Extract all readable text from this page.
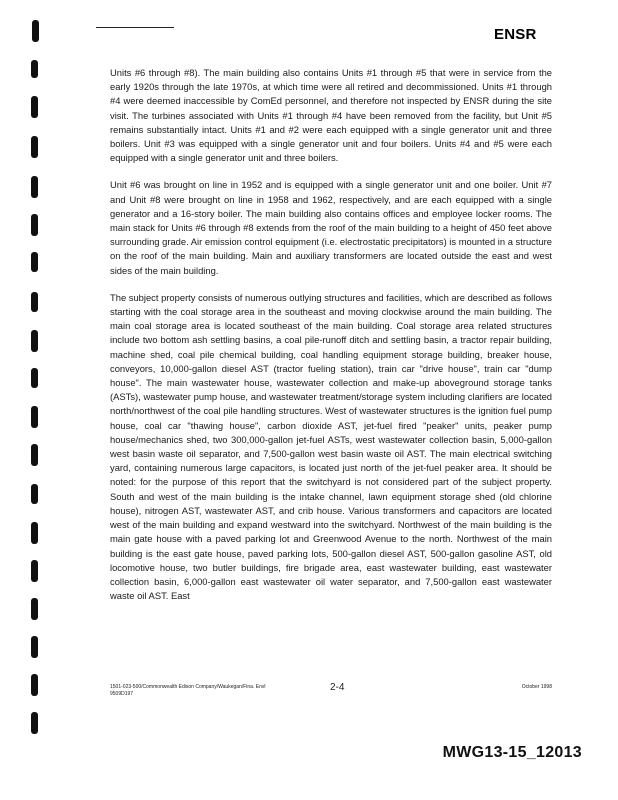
ENSR

Units #6 through #8). The main building also contains Units #1 through #5 that were in service from the early 1920s through the late 1970s, at which time were all retired and decommissioned. Units #1 through #4 were deemed inaccessible by ComEd personnel, and therefore not inspected by ENSR during the site visit. The turbines associated with Units #1 through #4 have been removed from the facility, but Unit #5 remains substantially intact. Units #1 and #2 were each equipped with a single generator unit and three boilers. Unit #3 was equipped with a single generator unit and four boilers. Units #4 and #5 were each equipped with a single generator unit and three boilers.

Unit #6 was brought on line in 1952 and is equipped with a single generator unit and one boiler. Unit #7 and Unit #8 were brought on line in 1958 and 1962, respectively, and are each equipped with a single generator and a 16-story boiler. The main building also contains offices and employee locker rooms. The main stack for Units #6 through #8 extends from the roof of the main building to a height of 450 feet above surrounding grade. Air emission control equipment (i.e. electrostatic precipitators) is mounted in a structure on the roof of the main building. Main and auxiliary transformers are located outside the east and west sides of the main building.

The subject property consists of numerous outlying structures and facilities, which are described as follows starting with the coal storage area in the southeast and moving clockwise around the main building. The main coal storage area is located southeast of the main building. Coal storage area related structures include two bottom ash settling basins, a coal pile-runoff ditch and settling basin, a tractor repair building, machine shed, coal pile chemical building, coal handling equipment storage building, breaker house, conveyors, 10,000-gallon diesel AST (tractor fueling station), train car "drive house", train car "dump house". The main wastewater house, wastewater collection and make-up aboveground storage tanks (ASTs), wastewater pump house, and wastewater treatment/storage system including clarifiers are located north/northwest of the coal pile handling structures. West of wastewater structures is the ignition fuel pump house, coal car "thawing house", carbon dioxide AST, jet-fuel fired "peaker" units, peaker pump house/mechanics shed, two 300,000-gallon jet-fuel ASTs, west wastewater collection basin, 5,000-gallon west basin waste oil separator, and 7,500-gallon west basin waste oil AST. The main electrical switching yard, containing numerous large capacitors, is located just north of the jet-fuel peaker area. It should be noted: for the purpose of this report that the switchyard is not considered part of the subject property. South and west of the main building is the intake channel, lawn equipment storage shed (old chlorine house), nitrogen AST, wastewater AST, and crib house. Various transformers and capacitors are located west of the main building and expand westward into the switchyard. Northwest of the main building is the main gate house with a paved parking lot and Greenwood Avenue to the north. Northwest of the main building is the east gate house, paved parking lots, 500-gallon diesel AST, 500-gallon gasoline AST, old locomotive house, two butler buildings, fire brigade area, east wastewater building, east wastewater collection basin, 6,000-gallon east wastewater oil water separator, and 7,500-gallon east wastewater waste oil AST. East

1501-023-500/Commonwealth Edison Company/Waukegan/Fina. Envl
9509D197
2-4	October 1998
MWG13-15_12013
